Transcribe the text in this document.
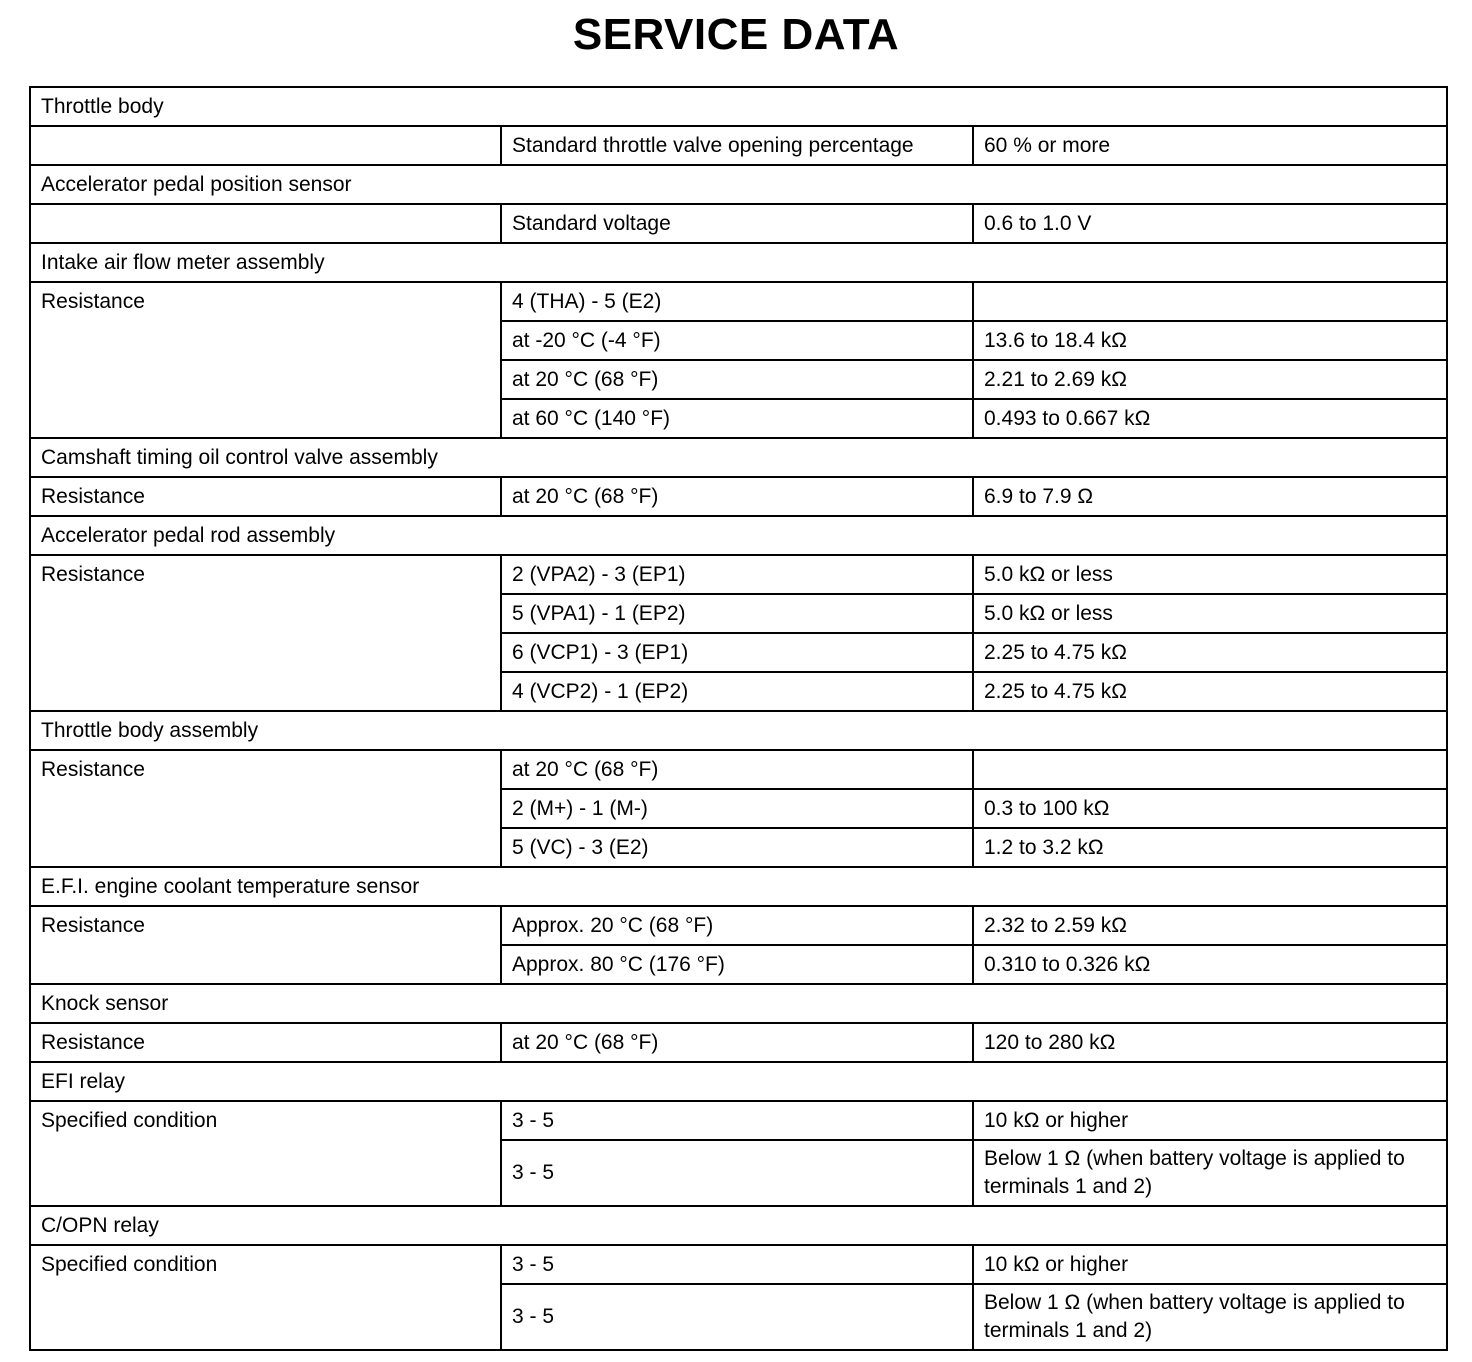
SERVICE DATA
Throttle body		
	Standard throttle valve opening percentage	60 % or more
Accelerator pedal position sensor		
	Standard voltage	0.6 to 1.0 V
Intake air flow meter assembly		
Resistance	4 (THA) - 5 (E2)	
	at -20 °C (-4 °F)	13.6 to 18.4 kΩ
	at 20 °C (68 °F)	2.21 to 2.69 kΩ
	at 60 °C (140 °F)	0.493 to 0.667 kΩ
Camshaft timing oil control valve assembly		
Resistance	at 20 °C (68 °F)	6.9 to 7.9 Ω
Accelerator pedal rod assembly		
Resistance	2 (VPA2) - 3 (EP1)	5.0 kΩ or less
	5 (VPA1) - 1 (EP2)	5.0 kΩ or less
	6 (VCP1) - 3 (EP1)	2.25 to 4.75 kΩ
	4 (VCP2) - 1 (EP2)	2.25 to 4.75 kΩ
Throttle body assembly		
Resistance	at 20 °C (68 °F)	
	2 (M+) - 1 (M-)	0.3 to 100 kΩ
	5 (VC) - 3 (E2)	1.2 to 3.2 kΩ
E.F.I. engine coolant temperature sensor		
Resistance	Approx. 20 °C (68 °F)	2.32 to 2.59 kΩ
	Approx. 80 °C (176 °F)	0.310 to 0.326 kΩ
Knock sensor		
Resistance	at 20 °C (68 °F)	120 to 280 kΩ
EFI relay		
Specified condition	3 - 5	10 kΩ or higher
	3 - 5	Below 1 Ω (when battery voltage is applied to terminals 1 and 2)
C/OPN relay		
Specified condition	3 - 5	10 kΩ or higher
	3 - 5	Below 1 Ω (when battery voltage is applied to terminals 1 and 2)
